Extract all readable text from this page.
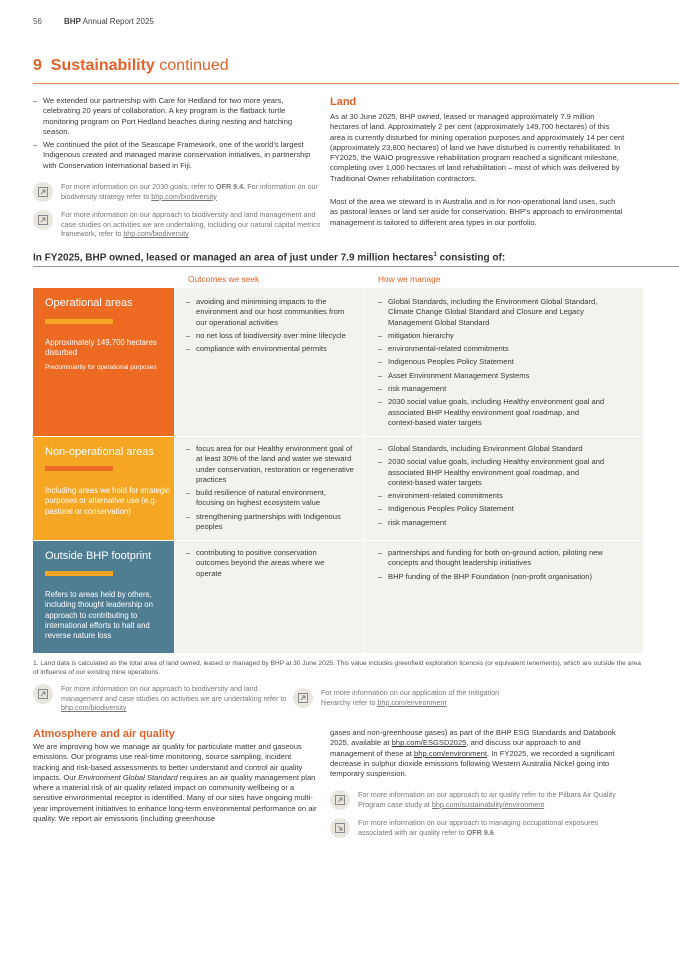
56	BHP Annual Report 2025
9 Sustainability continued
– We extended our partnership with Care for Hedland for two more years, celebrating 20 years of collaboration. A key program is the flatback turtle monitoring program on Port Hedland beaches during nesting and hatching season.
– We continued the pilot of the Seascape Framework, one of the world’s largest Indigenous created and managed marine conservation initiatives, in partnership with Conservation International based in Fiji.
For more information on our 2030 goals, refer to OFR 9.4. For information on our biodiversity strategy refer to bhp.com/biodiversity
For more information on our approach to biodiversity and land management and case studies on activities we are undertaking, including our natural capital metrics framework, refer to bhp.com/biodiversity
Land
As at 30 June 2025, BHP owned, leased or managed approximately 7.9 million hectares of land. Approximately 2 per cent (approximately 149,700 hectares) of this area is currently disturbed for mining operation purposes and approximately 14 per cent (approximately 23,800 hectares) of land we have disturbed is currently rehabilitated. In FY2025, the WAIO progressive rehabilitation program reached a significant milestone, completing over 1,000 hectares of land rehabilitation – most of which was delivered by Traditional Owner rehabilitation contractors.
Most of the area we steward is in Australia and is for non-operational land uses, such as pastoral leases or land set aside for conservation. BHP’s approach to environmental management is tailored to different area types in our portfolio.
In FY2025, BHP owned, leased or managed an area of just under 7.9 million hectares$^1$ consisting of:
Outcomes we seek	How we manage
Operational areas
Approximately 149,700 hectares disturbed
Predominantly for operational purposes
– avoiding and minimising impacts to the environment and our host communities from our operational activities
– no net loss of biodiversity over mine lifecycle
– compliance with environmental permits
– Global Standards, including the Environment Global Standard, Climate Change Global Standard and Closure and Legacy Management Global Standard
– mitigation hierarchy
– environmental-related commitments
– Indigenous Peoples Policy Statement
– Asset Environment Management Systems
– risk management
– 2030 social value goals, including Healthy environment goal and associated BHP Healthy environment goal roadmap, and context-based water targets
Non-operational areas
Including areas we hold for strategic purposes or alternative use (e.g. pastoral or conservation)
– focus area for our Healthy environment goal of at least 30% of the land and water we steward under conservation, restoration or regenerative practices
– build resilience of natural environment, focusing on highest ecosystem value
– strengthening partnerships with Indigenous peoples
– Global Standards, including Environment Global Standard
– 2030 social value goals, including Healthy environment goal and associated BHP Healthy environment goal roadmap, and context-based water targets
– environment-related commitments
– Indigenous Peoples Policy Statement
– risk management
Outside BHP footprint
Refers to areas held by others, including thought leadership on approach to contributing to international efforts to halt and reverse nature loss
– contributing to positive conservation outcomes beyond the areas where we operate
– partnerships and funding for both on-ground action, piloting new concepts and thought leadership initiatives
– BHP funding of the BHP Foundation (non-profit organisation)
1. Land data is calculated as the total area of land owned, leased or managed by BHP at 30 June 2025. This value includes greenfield exploration licences (or equivalent tenements), which are outside the area of influence of our existing mine operations.
For more information on our approach to biodiversity and land management and case studies on activities we are undertaking refer to bhp.com/biodiversity
For more information on our application of the mitigation hierarchy refer to bhp.com/environment
Atmosphere and air quality
We are improving how we manage air quality for particulate matter and gaseous emissions. Our programs use real-time monitoring, source sampling, incident tracking and risk-based assessments to better understand and control air quality impacts. Our Environment Global Standard requires an air quality management plan where a material risk of air quality related impact on community wellbeing or a sensitive environmental receptor is identified. Many of our sites have ongoing multi-year improvement initiatives to enhance long-term environmental performance on air quality. We report air emissions (including greenhouse
gases and non-greenhouse gases) as part of the BHP ESG Standards and Databook 2025, available at bhp.com/ESGSD2025, and discuss our approach to and management of these at bhp.com/environment. In FY2025, we recorded a significant decrease in sulphur dioxide emissions following Western Australia Nickel going into temporary suspension.
For more information on our approach to air quality refer to the Pilbara Air Quality Program case study at bhp.com/sustainability/environment
For more information on our approach to managing occupational exposures associated with air quality refer to OFR 9.6
